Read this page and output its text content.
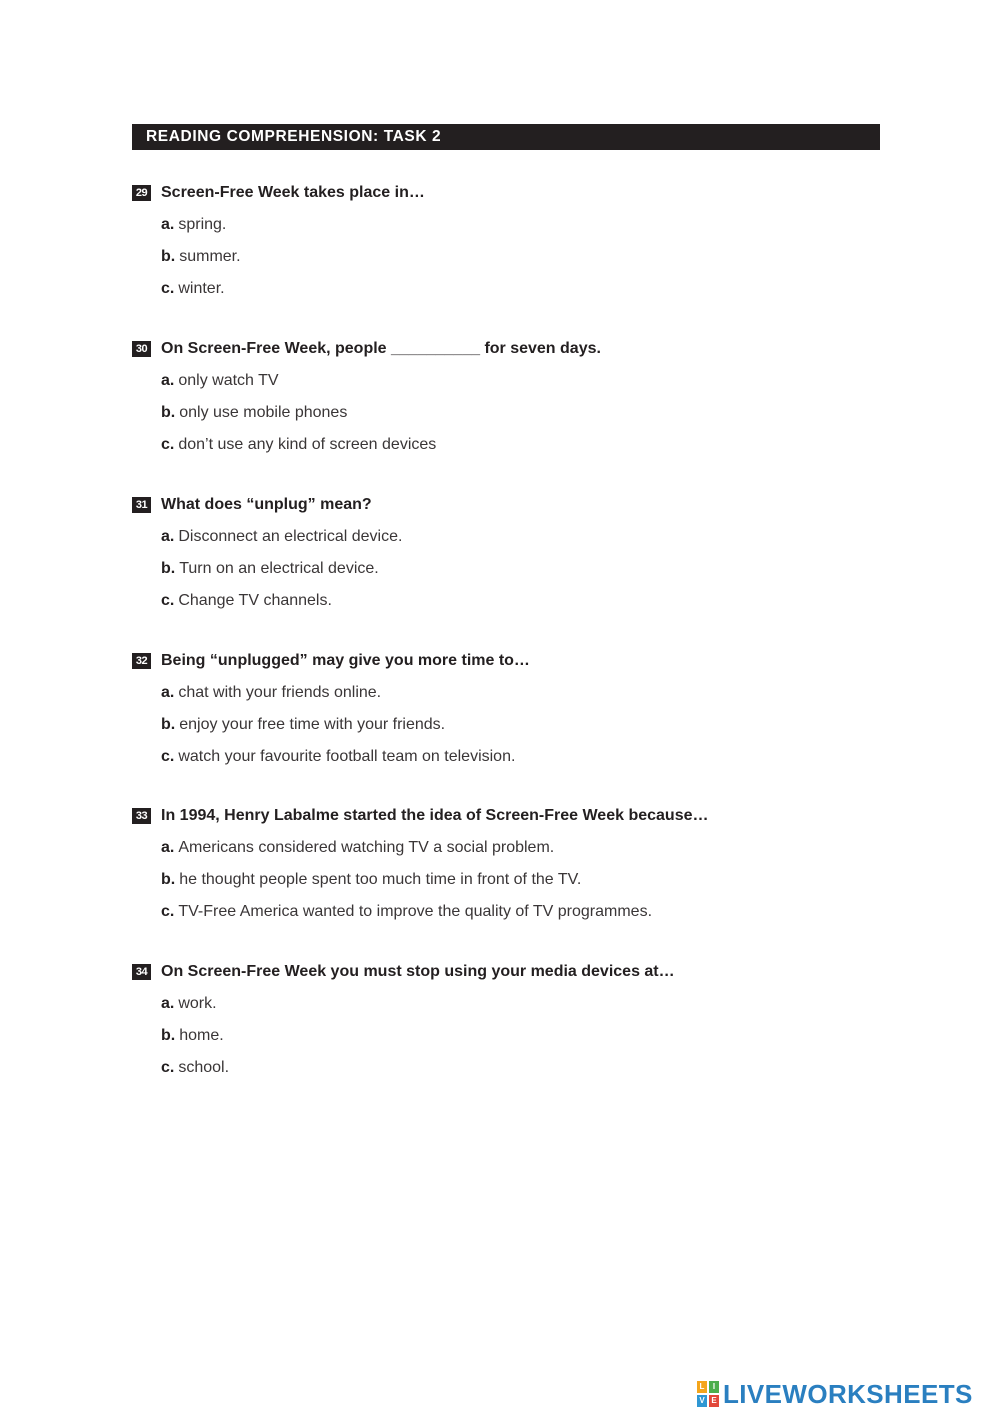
READING COMPREHENSION: TASK 2
29 Screen-Free Week takes place in…
a. spring.
b. summer.
c. winter.
30 On Screen-Free Week, people __________ for seven days.
a. only watch TV
b. only use mobile phones
c. don’t use any kind of screen devices
31 What does “unplug” mean?
a. Disconnect an electrical device.
b. Turn on an electrical device.
c. Change TV channels.
32 Being “unplugged” may give you more time to…
a. chat with your friends online.
b. enjoy your free time with your friends.
c. watch your favourite football team on television.
33 In 1994, Henry Labalme started the idea of Screen-Free Week because…
a. Americans considered watching TV a social problem.
b. he thought people spent too much time in front of the TV.
c. TV-Free America wanted to improve the quality of TV programmes.
34 On Screen-Free Week you must stop using your media devices at…
a. work.
b. home.
c. school.
L	I
V E LIVEWORKSHEETS
